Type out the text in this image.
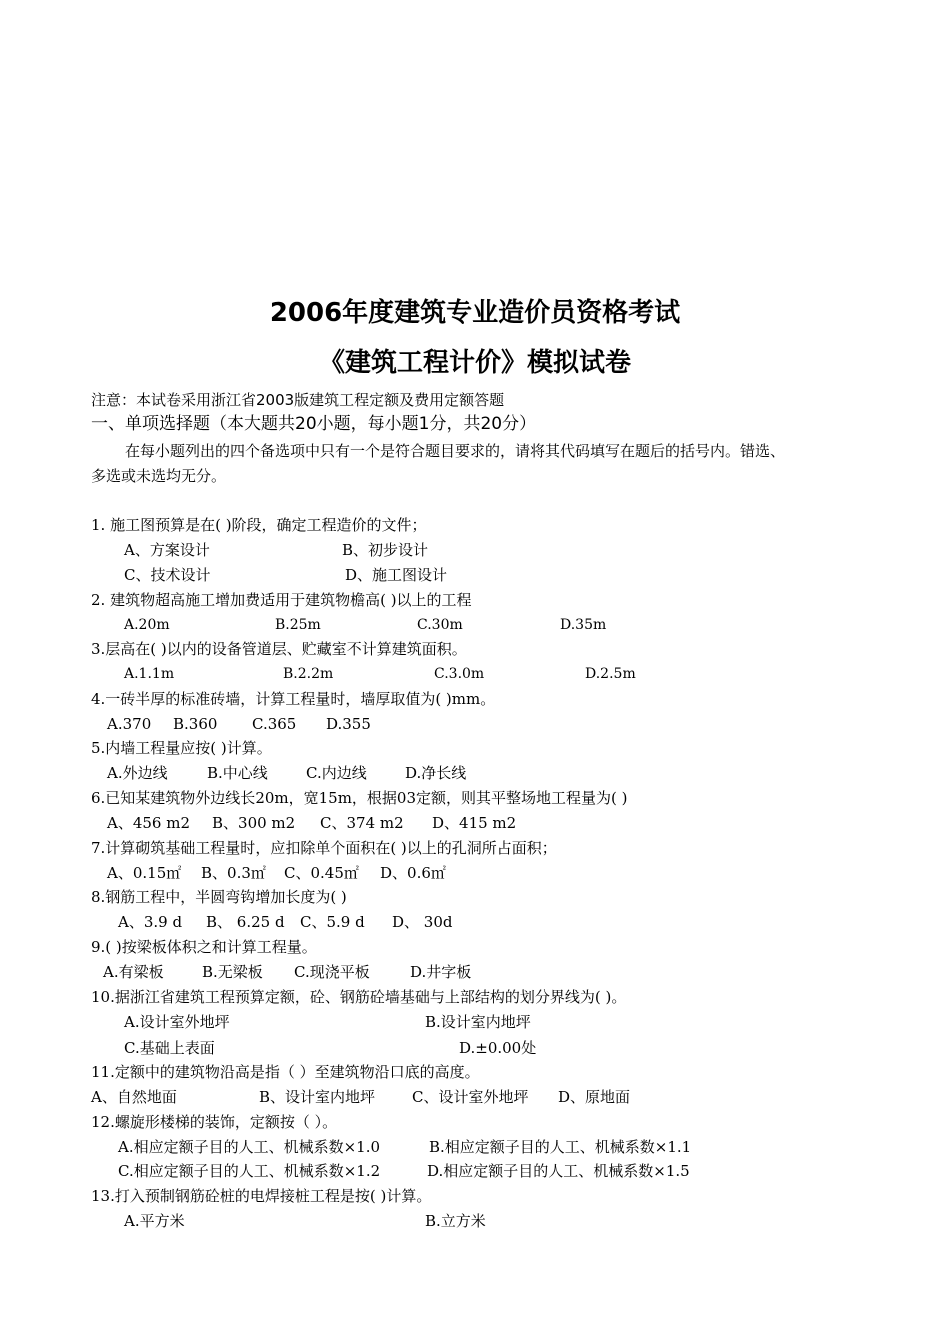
2006年度建筑专业造价员资格考试
《建筑工程计价》模拟试卷
注意：本试卷采用浙江省2003版建筑工程定额及费用定额答题
一、单项选择题（本大题共20小题，每小题1分，共20分）
在每小题列出的四个备选项中只有一个是符合题目要求的，请将其代码填写在题后的括号内。错选、
多选或未选均无分。
1. 施工图预算是在( )阶段，确定工程造价的文件；
A、方案设计	B、初步设计
C、技术设计	D、施工图设计
2. 建筑物超高施工增加费适用于建筑物檐高( )以上的工程
A.20m	B.25m	C.30m	D.35m
3.层高在( )以内的设备管道层、贮藏室不计算建筑面积。
A.1.1m	B.2.2m	C.3.0m	D.2.5m
4.一砖半厚的标准砖墙，计算工程量时，墙厚取值为( )mm。
A.370 B.360 C.365 D.355
5.内墙工程量应按( )计算。
A.外边线	B.中心线	C.内边线	D.净长线
6.已知某建筑物外边线长20m，宽15m，根据03定额，则其平整场地工程量为( )
A、456 m2 B、300 m2 C、374 m2 D、415 m2
7.计算砌筑基础工程量时，应扣除单个面积在( )以上的孔洞所占面积；
A、0.15㎡ B、0.3㎡ C、0.45㎡ D、0.6㎡
8.钢筋工程中，半圆弯钩增加长度为( )
A、3.9 d B、 6.25 d C、5.9 d D、 30d
9.( )按梁板体积之和计算工程量。
A.有梁板	B.无梁板 C.现浇平板	D.井字板
10.据浙江省建筑工程预算定额，砼、钢筋砼墙基础与上部结构的划分界线为( )。
A.设计室外地坪	B.设计室内地坪
C.基础上表面	D.±0.00处
11.定额中的建筑物沿高是指（ ）至建筑物沿口底的高度。
A、自然地面	B、设计室内地坪 C、设计室外地坪 D、原地面
12.螺旋形楼梯的装饰，定额按（ ）。
A.相应定额子目的人工、机械系数×1.0	B.相应定额子目的人工、机械系数×1.1
C.相应定额子目的人工、机械系数×1.2	D.相应定额子目的人工、机械系数×1.5
13.打入预制钢筋砼桩的电焊接桩工程是按( )计算。
A.平方米	B.立方米
